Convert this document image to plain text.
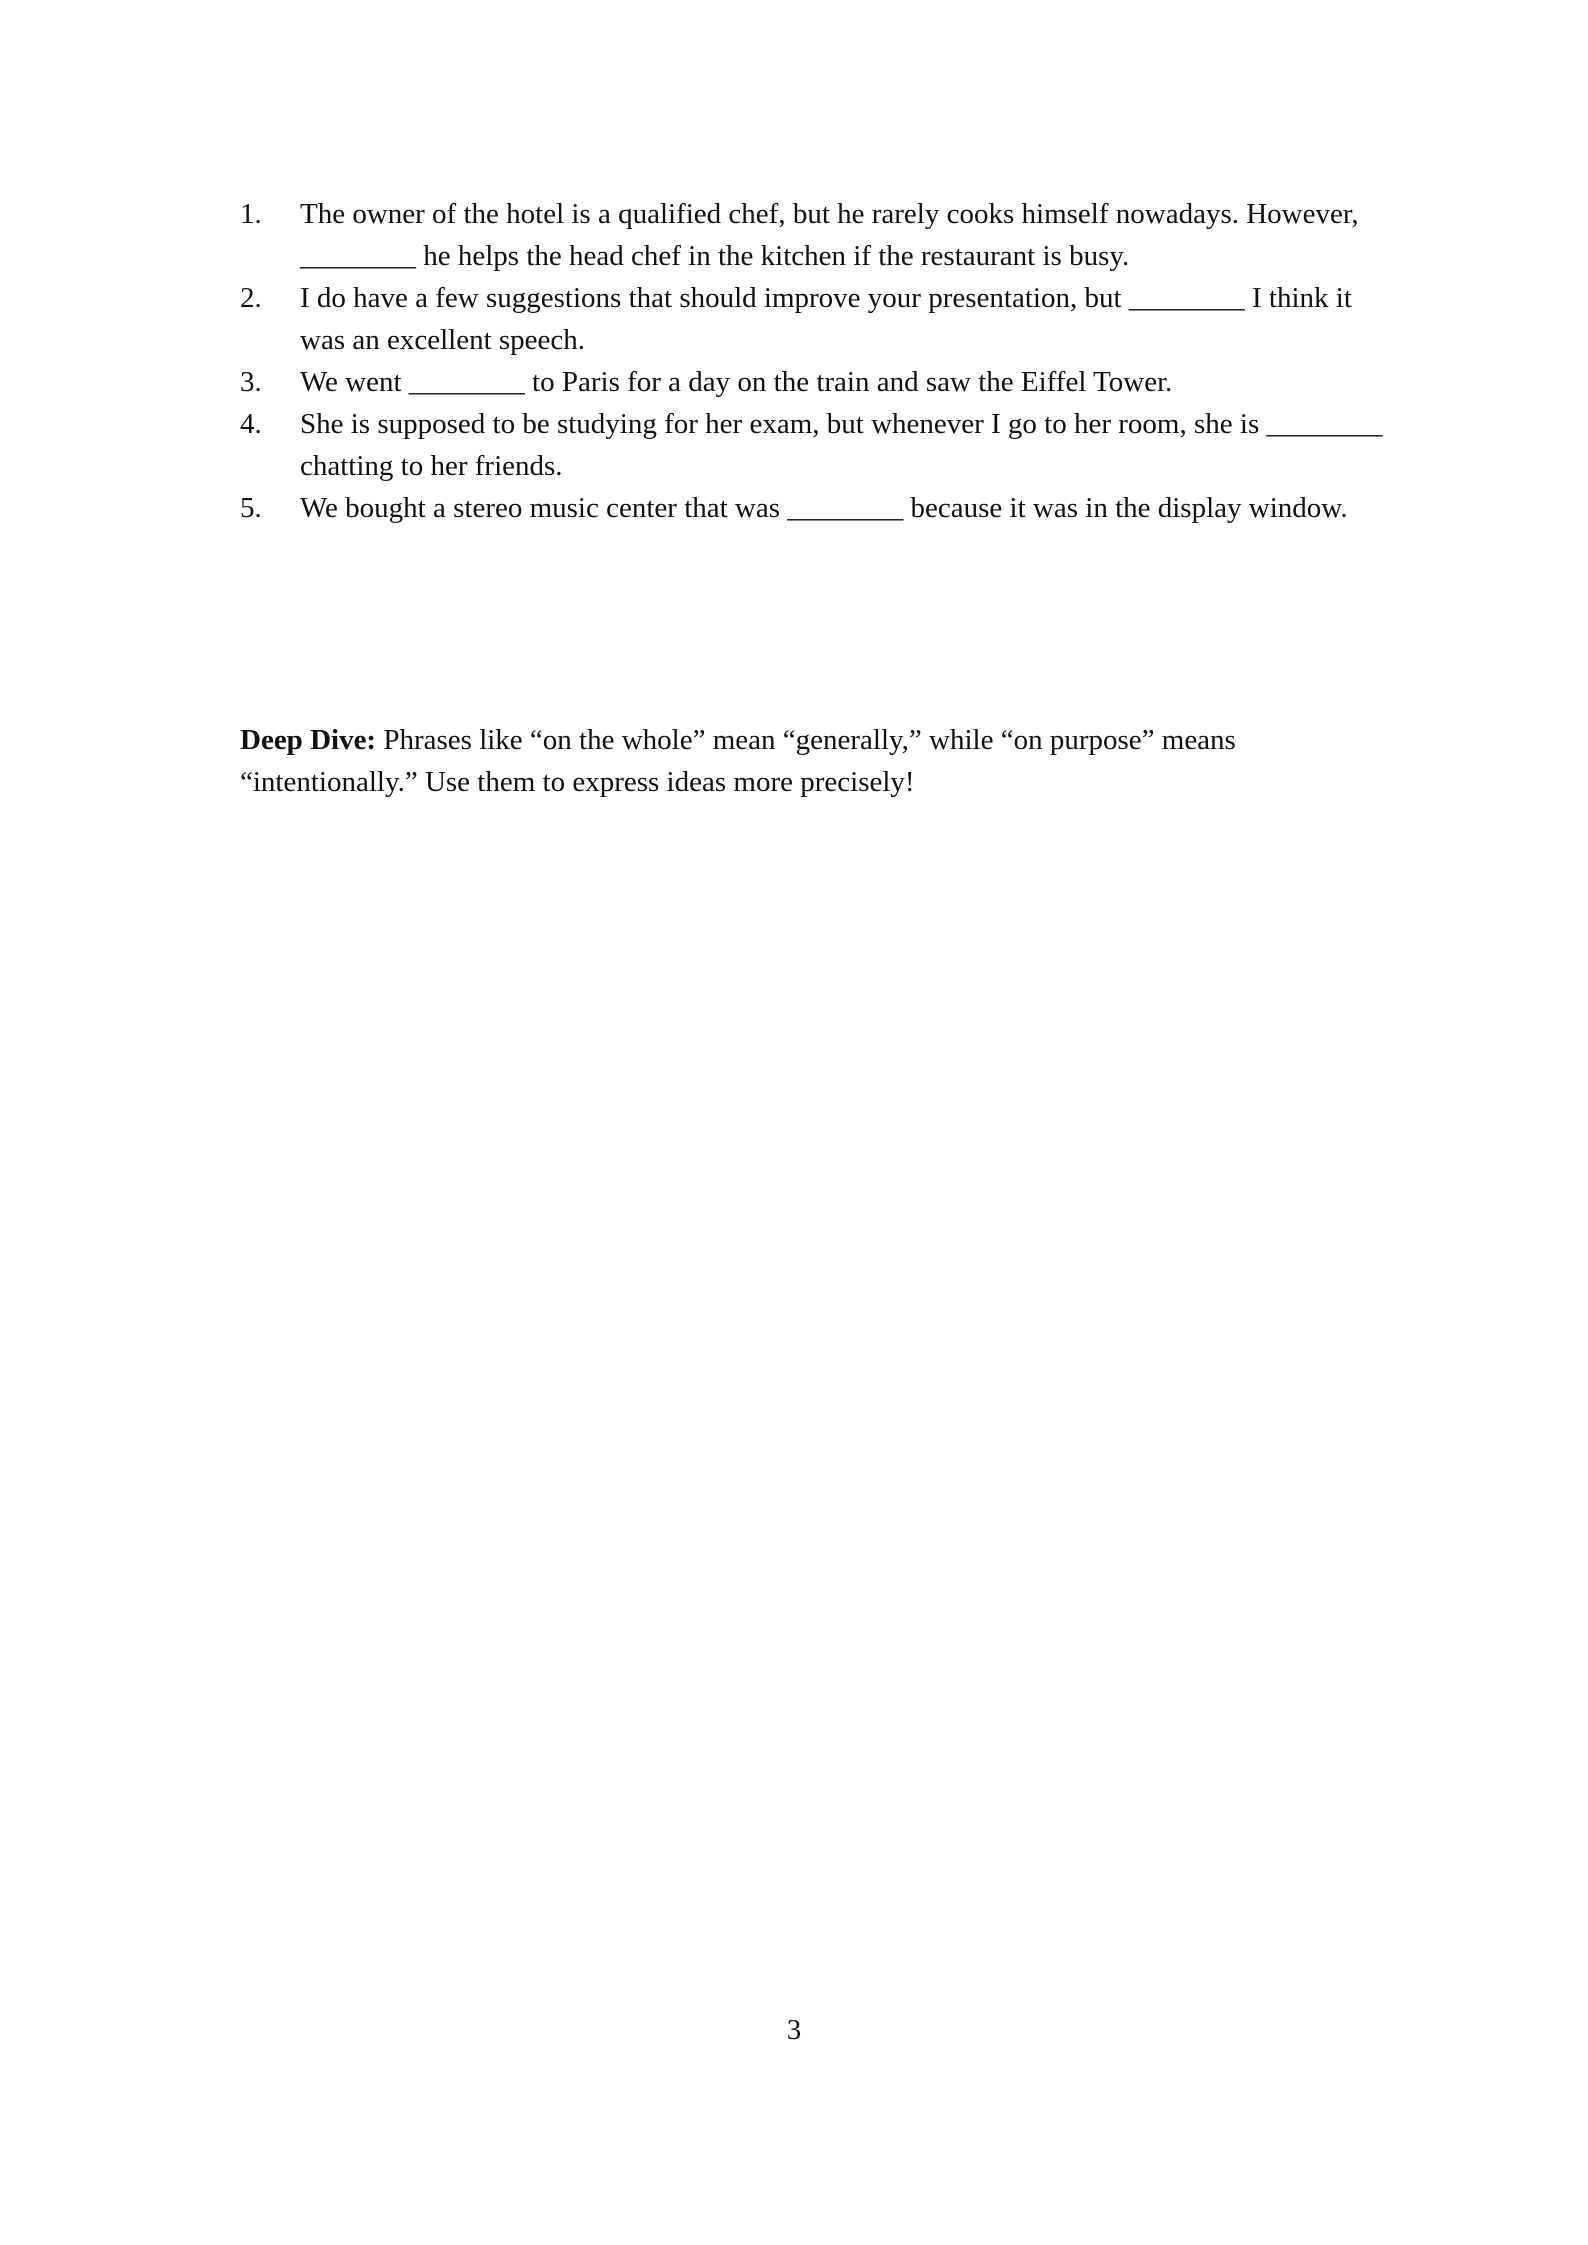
1.	The owner of the hotel is a qualified chef, but he rarely cooks himself nowadays. However, ________ he helps the head chef in the kitchen if the restaurant is busy.
2.	I do have a few suggestions that should improve your presentation, but ________ I think it was an excellent speech.
3.	We went ________ to Paris for a day on the train and saw the Eiffel Tower.
4.	She is supposed to be studying for her exam, but whenever I go to her room, she is ________ chatting to her friends.
5.	We bought a stereo music center that was ________ because it was in the display window.

Deep Dive: Phrases like “on the whole” mean “generally,” while “on purpose” means “intentionally.” Use them to express ideas more precisely!

3
